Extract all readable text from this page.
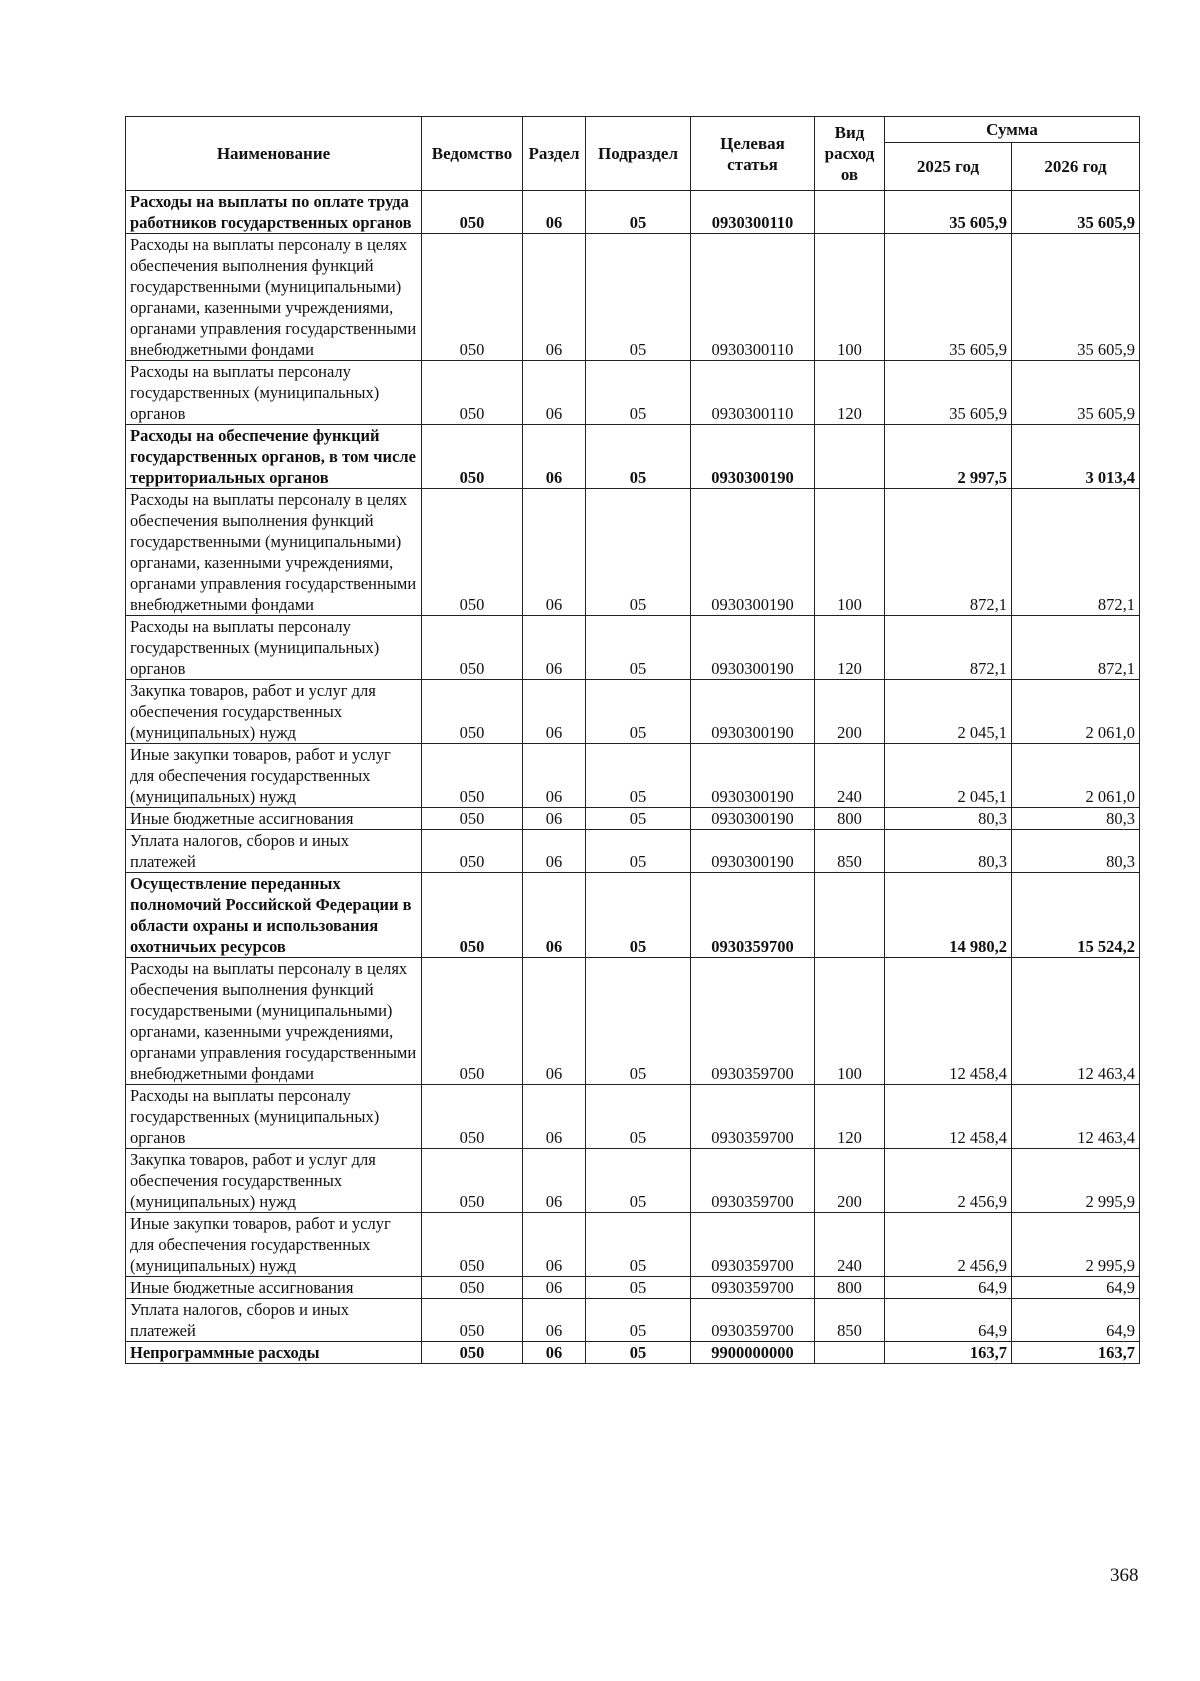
Наименование	Ведомство	Раздел	Подраздел	Целевая статья	Вид расход ов	Сумма	
						2025 год	2026 год
Расходы на выплаты по оплате труда работников государственных органов	050	06	05	0930300110		35 605,9	35 605,9
Расходы на выплаты персоналу в целях обеспечения выполнения функций государственными (муниципальными) органами, казенными учреждениями, органами управления государственными внебюджетными фондами	050	06	05	0930300110	100	35 605,9	35 605,9
Расходы на выплаты персоналу государственных (муниципальных) органов	050	06	05	0930300110	120	35 605,9	35 605,9
Расходы на обеспечение функций государственных органов, в том числе территориальных органов	050	06	05	0930300190		2 997,5	3 013,4
Расходы на выплаты персоналу в целях обеспечения выполнения функций государственными (муниципальными) органами, казенными учреждениями, органами управления государственными внебюджетными фондами	050	06	05	0930300190	100	872,1	872,1
Расходы на выплаты персоналу государственных (муниципальных) органов	050	06	05	0930300190	120	872,1	872,1
Закупка товаров, работ и услуг для обеспечения государственных (муниципальных) нужд	050	06	05	0930300190	200	2 045,1	2 061,0
Иные закупки товаров, работ и услуг для обеспечения государственных (муниципальных) нужд	050	06	05	0930300190	240	2 045,1	2 061,0
Иные бюджетные ассигнования	050	06	05	0930300190	800	80,3	80,3
Уплата налогов, сборов и иных платежей	050	06	05	0930300190	850	80,3	80,3
Осуществление переданных полномочий Российской Федерации в области охраны и использования охотничьих ресурсов	050	06	05	0930359700		14 980,2	15 524,2
Расходы на выплаты персоналу в целях обеспечения выполнения функций государствеными (муниципальными) органами, казенными учреждениями, органами управления государственными внебюджетными фондами	050	06	05	0930359700	100	12 458,4	12 463,4
Расходы на выплаты персоналу государственных (муниципальных) органов	050	06	05	0930359700	120	12 458,4	12 463,4
Закупка товаров, работ и услуг для обеспечения государственных (муниципальных) нужд	050	06	05	0930359700	200	2 456,9	2 995,9
Иные закупки товаров, работ и услуг для обеспечения государственных (муниципальных) нужд	050	06	05	0930359700	240	2 456,9	2 995,9
Иные бюджетные ассигнования	050	06	05	0930359700	800	64,9	64,9
Уплата налогов, сборов и иных платежей	050	06	05	0930359700	850	64,9	64,9
Непрограммные расходы	050	06	05	9900000000		163,7	163,7
368
